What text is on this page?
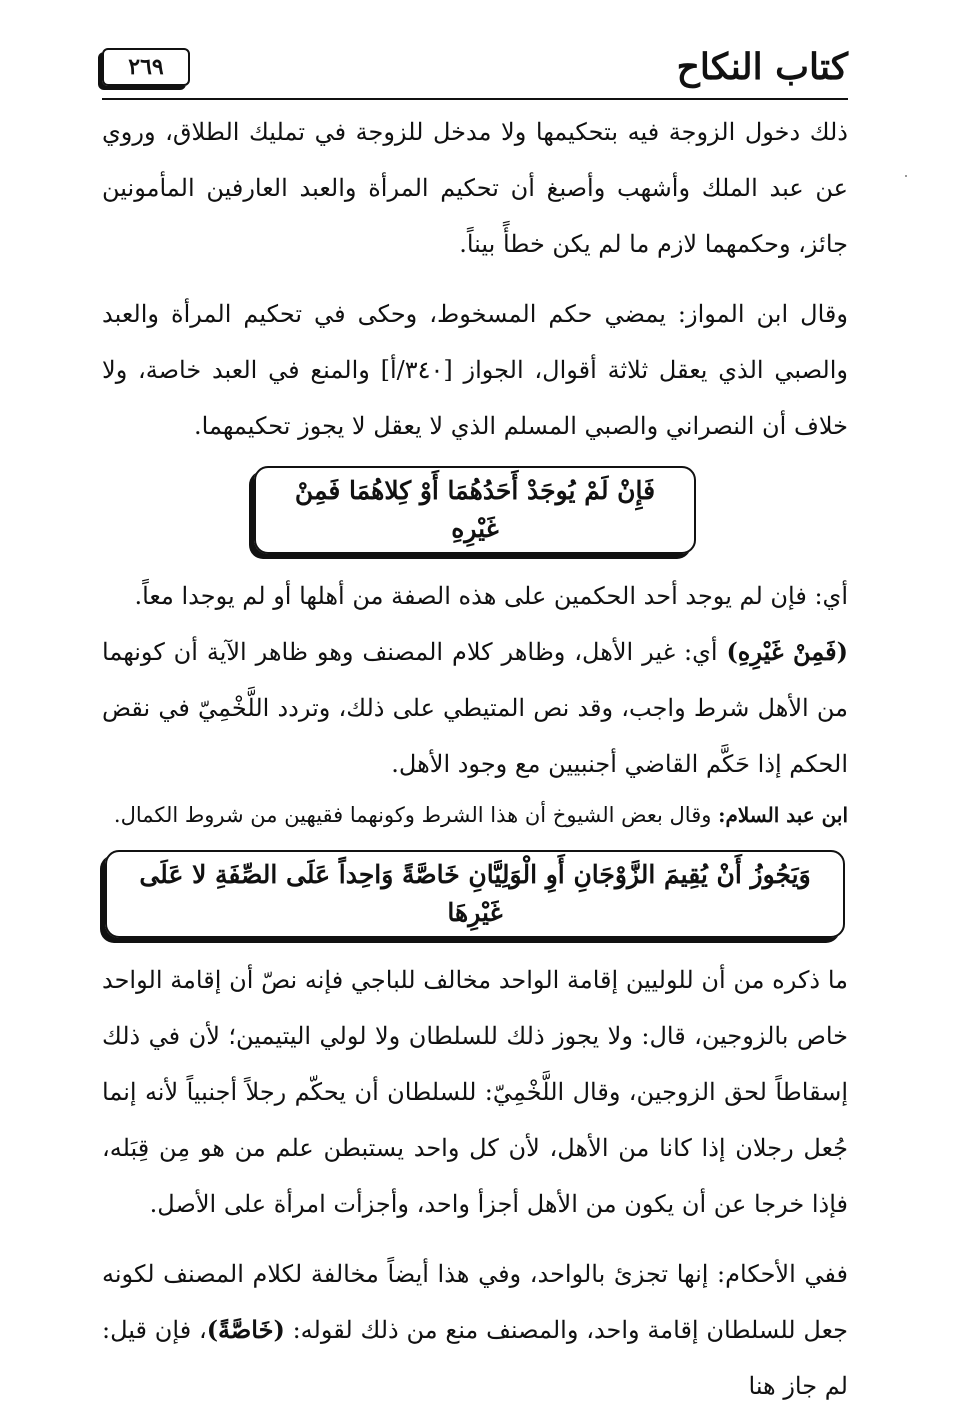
٢٦٩	كتاب النكاح

ذلك دخول الزوجة فيه بتحكيمها ولا مدخل للزوجة في تمليك الطلاق، وروي عن عبد الملك وأشهب وأصبغ أن تحكيم المرأة والعبد العارفين المأمونين جائز، وحكمهما لازم ما لم يكن خطأً بيناً.

وقال ابن المواز: يمضي حكم المسخوط، وحكى في تحكيم المرأة والعبد والصبي الذي يعقل ثلاثة أقوال، الجواز [٣٤٠/أ] والمنع في العبد خاصة، ولا خلاف أن النصراني والصبي المسلم الذي لا يعقل لا يجوز تحكيمهما.

فَإِنْ لَمْ يُوجَدْ أَحَدُهُمَا أَوْ كِلاهُمَا فَمِنْ غَيْرِهِ

أي: فإن لم يوجد أحد الحكمين على هذه الصفة من أهلها أو لم يوجدا معاً.

(فَمِنْ غَيْرِهِ) أي: غير الأهل، وظاهر كلام المصنف وهو ظاهر الآية أن كونهما من الأهل شرط واجب، وقد نص المتيطي على ذلك، وتردد اللَّخْمِيّ في نقض الحكم إذا حَكَّم القاضي أجنبيين مع وجود الأهل.

ابن عبد السلام: وقال بعض الشيوخ أن هذا الشرط وكونهما فقيهين من شروط الكمال.

وَيَجُوزُ أَنْ يُقِيمَ الزَّوْجَانِ أَوِ الْوَلِيَّانِ خَاصَّةً وَاحِداً عَلَى الصِّفَةِ لا عَلَى غَيْرِهَا

ما ذكره من أن للوليين إقامة الواحد مخالف للباجي فإنه نصّ أن إقامة الواحد خاص بالزوجين، قال: ولا يجوز ذلك للسلطان ولا لولي اليتيمين؛ لأن في ذلك إسقاطاً لحق الزوجين، وقال اللَّخْمِيّ: للسلطان أن يحكّم رجلاً أجنبياً لأنه إنما جُعل رجلان إذا كانا من الأهل، لأن كل واحد يستبطن علم من هو مِن قِبَله، فإذا خرجا عن أن يكون من الأهل أجزأ واحد، وأجزأت امرأة على الأصل.

ففي الأحكام: إنها تجزئ بالواحد، وفي هذا أيضاً مخالفة لكلام المصنف لكونه جعل للسلطان إقامة واحد، والمصنف منع من ذلك لقوله: (خَاصَّةً)، فإن قيل: لم جاز هنا
